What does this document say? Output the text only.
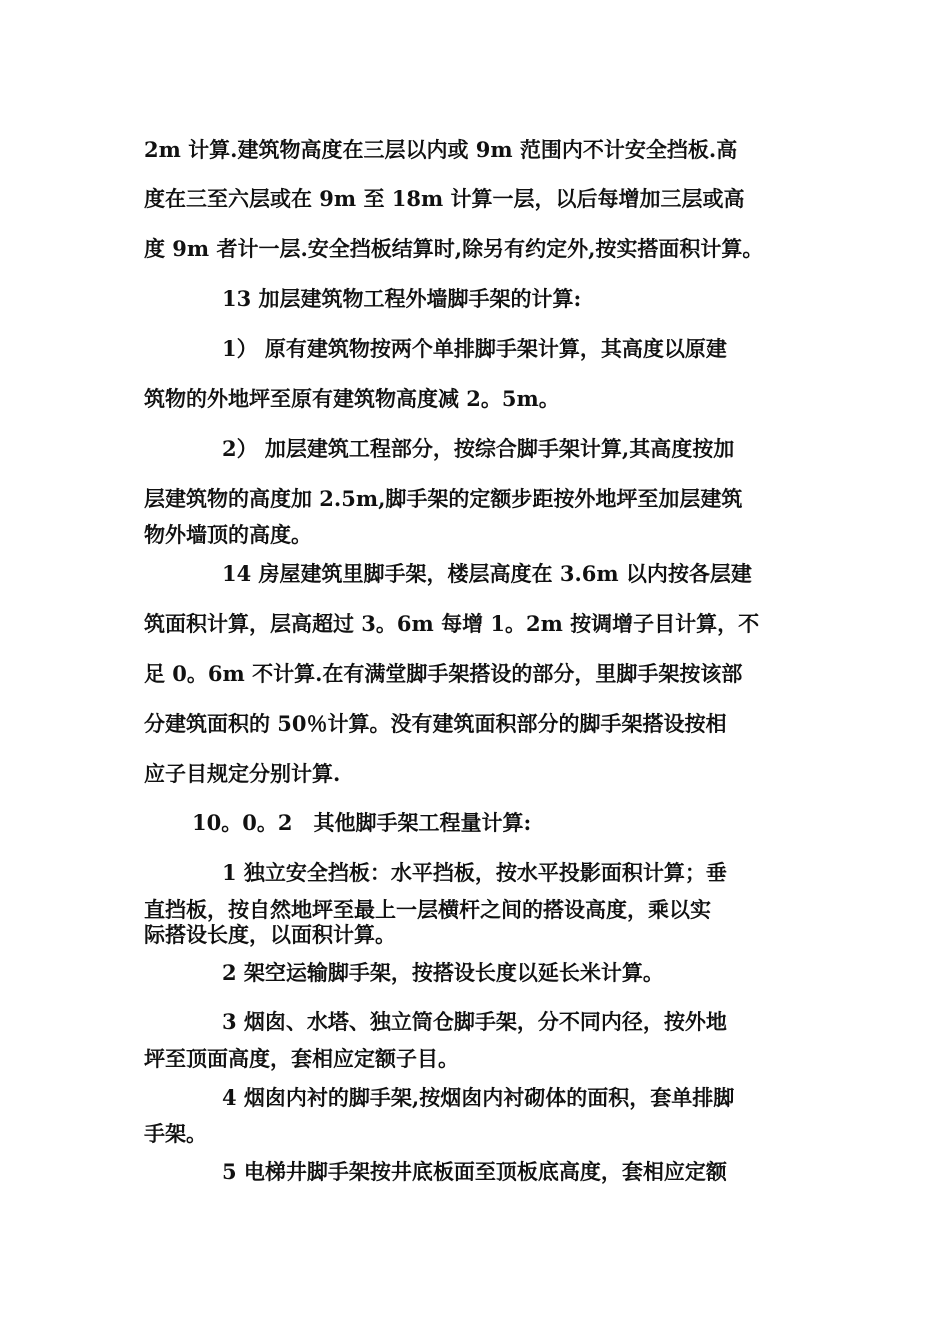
2m 计算.建筑物高度在三层以内或 9m 范围内不计安全挡板.高
度在三至六层或在 9m 至 18m 计算一层，以后每增加三层或高
度 9m 者计一层.安全挡板结算时,除另有约定外,按实搭面积计算。
13 加层建筑物工程外墙脚手架的计算:
1） 原有建筑物按两个单排脚手架计算，其高度以原建
筑物的外地坪至原有建筑物高度减 2。5m。
2） 加层建筑工程部分，按综合脚手架计算,其高度按加
层建筑物的高度加 2.5m,脚手架的定额步距按外地坪至加层建筑
物外墙顶的高度。
14 房屋建筑里脚手架，楼层高度在 3.6m 以内按各层建
筑面积计算，层高超过 3。6m 每增 1。2m 按调增子目计算，不
足 0。6m 不计算.在有满堂脚手架搭设的部分，里脚手架按该部
分建筑面积的 50％计算。没有建筑面积部分的脚手架搭设按相
应子目规定分别计算.
10。0。2　其他脚手架工程量计算:
1 独立安全挡板：水平挡板，按水平投影面积计算；垂
直挡板，按自然地坪至最上一层横杆之间的搭设高度，乘以实
际搭设长度，以面积计算。
2 架空运输脚手架，按搭设长度以延长米计算。
3 烟囱、水塔、独立筒仓脚手架，分不同内径，按外地
坪至顶面高度，套相应定额子目。
4 烟囱内衬的脚手架,按烟囱内衬砌体的面积，套单排脚
手架。
5 电梯井脚手架按井底板面至顶板底高度，套相应定额
